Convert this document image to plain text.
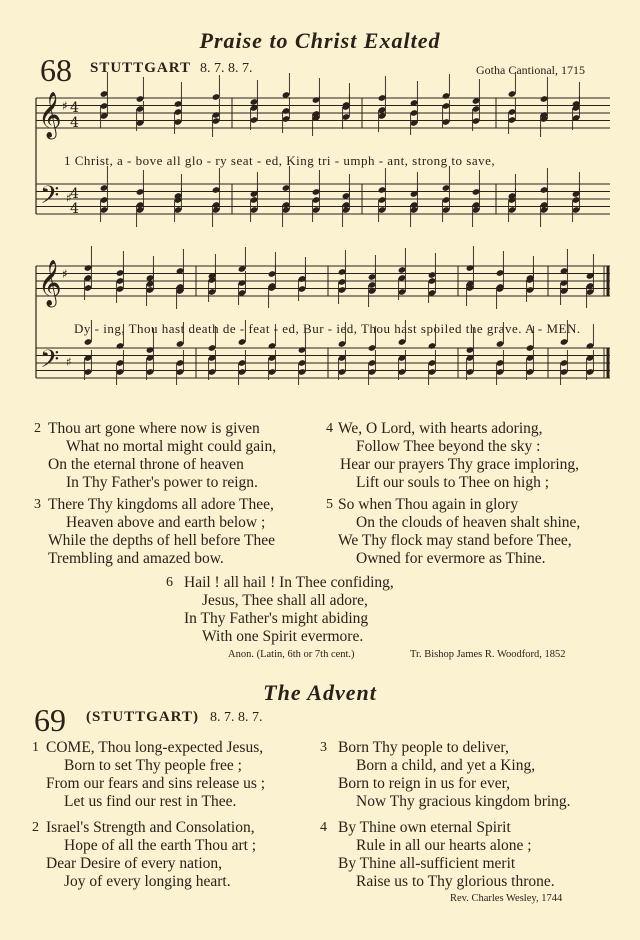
Praise to Christ Exalted
68 STUTTGART 8. 7. 8. 7.	Gotha Cantional, 1715
𝄞 ♯
𝄞 ♯
𝄢 ♯
𝄢 ♯
4
4
4
4
1 Christ, a - bove all glo - ry seat - ed, King tri - umph - ant, strong to save,
Dy - ing, Thou hast death de - feat - ed, Bur - ied, Thou hast spoiled the grave. A - MEN.
2 Thou art gone where now is given
What no mortal might could gain,
On the eternal throne of heaven
In Thy Father's power to reign.
3 There Thy kingdoms all adore Thee,
Heaven above and earth below ;
While the depths of hell before Thee
Trembling and amazed bow.
4 We, O Lord, with hearts adoring,
Follow Thee beyond the sky :
Hear our prayers Thy grace imploring,
Lift our souls to Thee on high ;
5 So when Thou again in glory
On the clouds of heaven shalt shine,
We Thy flock may stand before Thee,
Owned for evermore as Thine.
6 Hail ! all hail ! In Thee confiding,
Jesus, Thee shall all adore,
In Thy Father's might abiding
With one Spirit evermore.
Anon. (Latin, 6th or 7th cent.)	Tr. Bishop James R. Woodford, 1852
The Advent
69 (STUTTGART) 8. 7. 8. 7.
1 COME, Thou long-expected Jesus,
Born to set Thy people free ;
From our fears and sins release us ;
Let us find our rest in Thee.
2 Israel's Strength and Consolation,
Hope of all the earth Thou art ;
Dear Desire of every nation,
Joy of every longing heart.
3 Born Thy people to deliver,
Born a child, and yet a King,
Born to reign in us for ever,
Now Thy gracious kingdom bring.
4 By Thine own eternal Spirit
Rule in all our hearts alone ;
By Thine all-sufficient merit
Raise us to Thy glorious throne.
Rev. Charles Wesley, 1744
